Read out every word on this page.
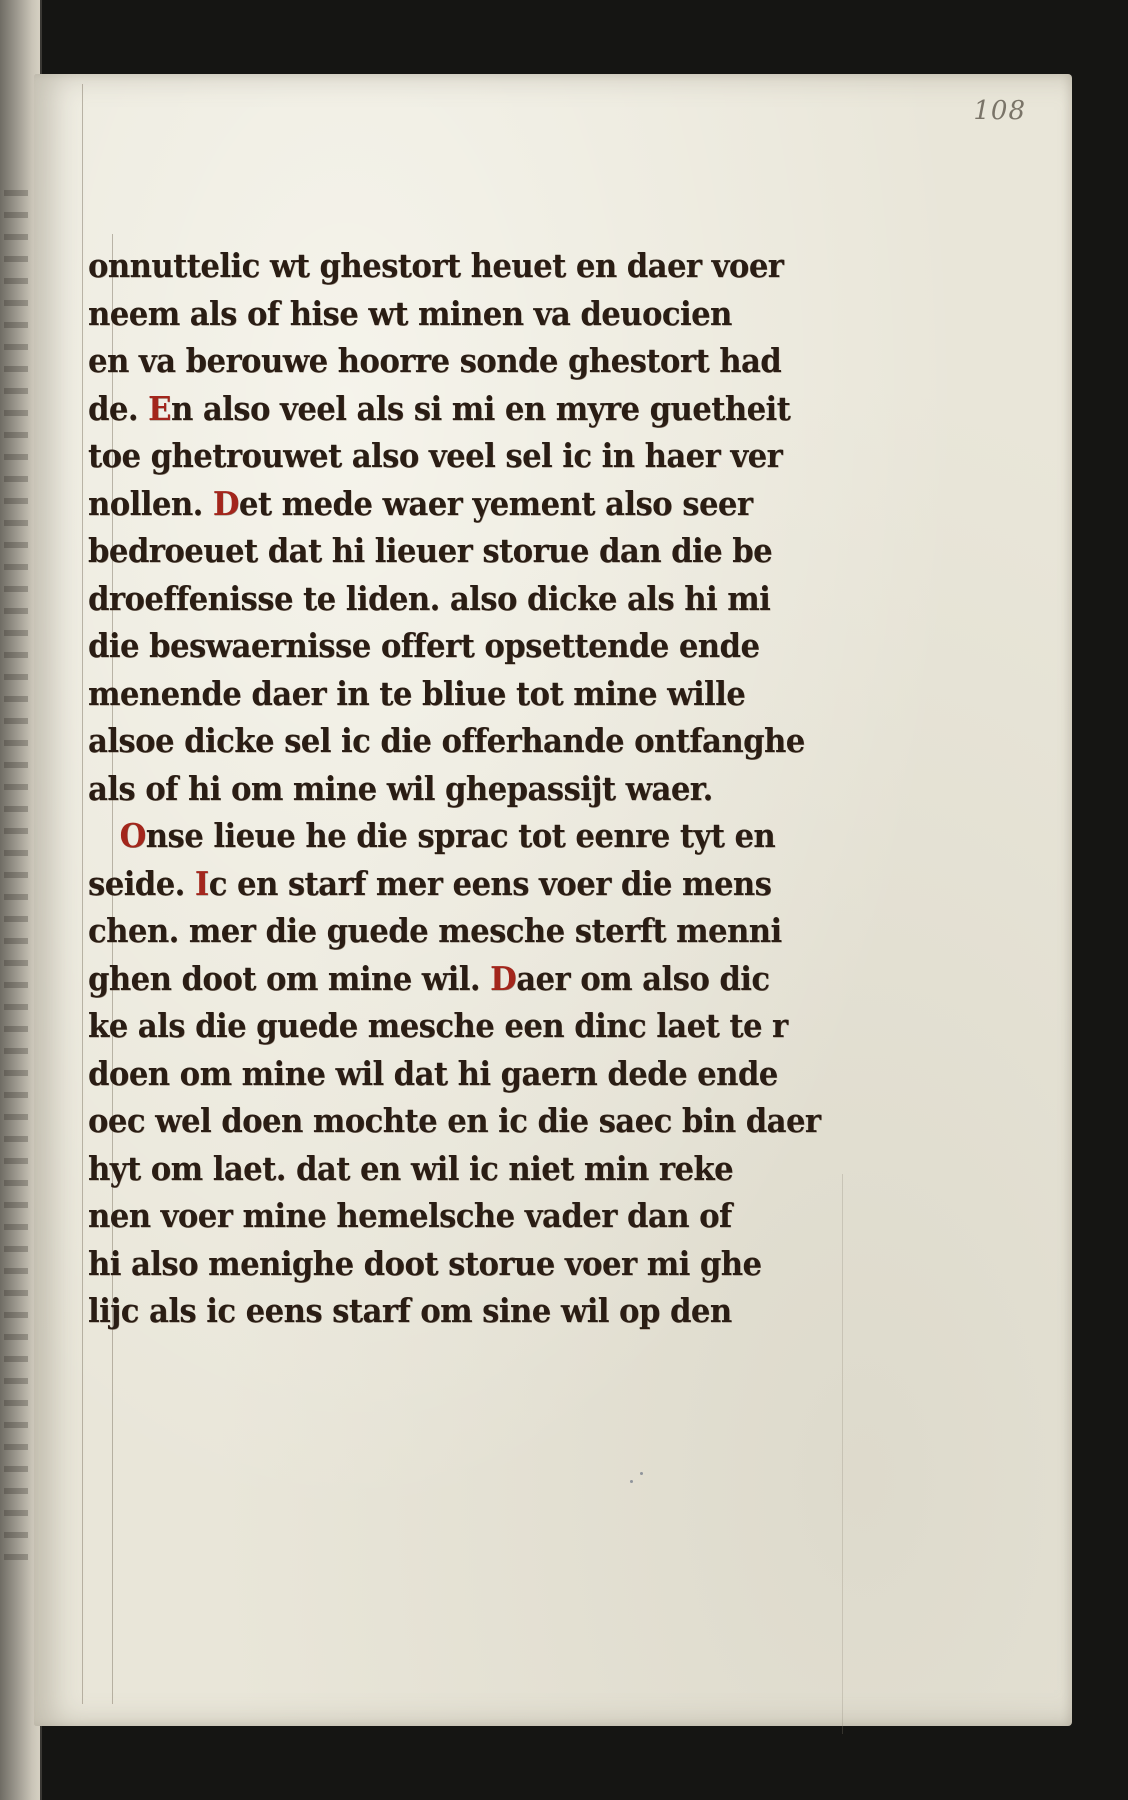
108
onnuttelic wt ghestort heuet en daer voer
neem als of hise wt minen va deuocien
en va berouwe hoorre sonde ghestort had
de. En also veel als si mi en myre guetheit
toe ghetrouwet also veel sel ic in haer ver
nollen. Det mede waer yement also seer
bedroeuet dat hi lieuer storue dan die be
droeffenisse te liden. also dicke als hi mi
die beswaernisse offert opsettende ende
menende daer in te bliue tot mine wille
alsoe dicke sel ic die offerhande ontfanghe
als of hi om mine wil ghepassijt waer.
Onse lieue he die sprac tot eenre tyt en
seide. Ic en starf mer eens voer die mens
chen. mer die guede mesche sterft menni
ghen doot om mine wil. Daer om also dic
ke als die guede mesche een dinc laet te r
doen om mine wil dat hi gaern dede ende
oec wel doen mochte en ic die saec bin daer
hyt om laet. dat en wil ic niet min reke
nen voer mine hemelsche vader dan of
hi also menighe doot storue voer mi ghe
lijc als ic eens starf om sine wil op den
